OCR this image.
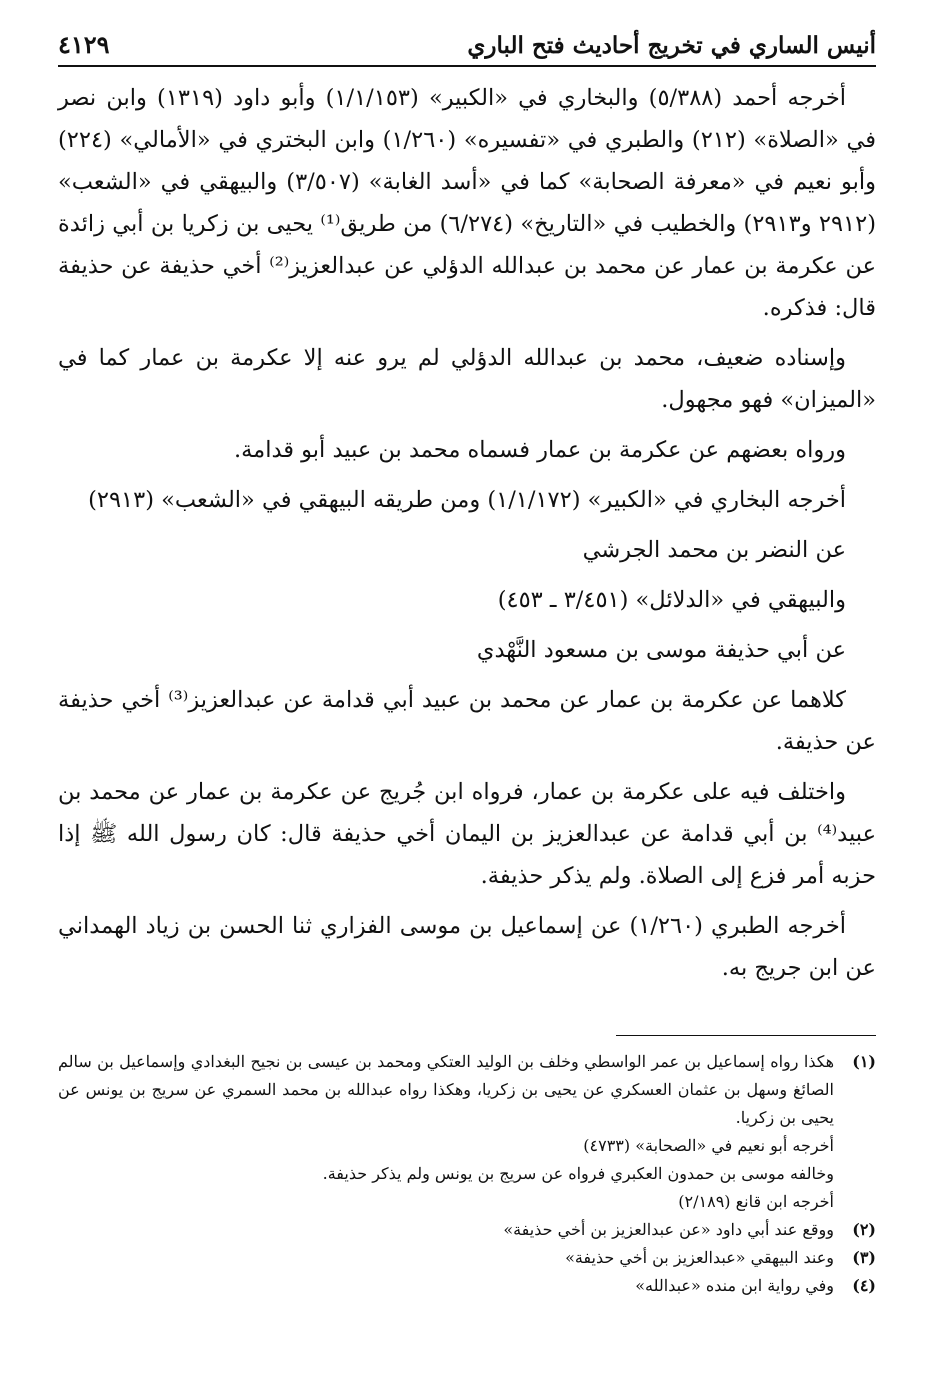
أنيس الساري في تخريج أحاديث فتح الباري
٤١٢٩

أخرجه أحمد (٥/٣٨٨) والبخاري في «الكبير» (١/١/١٥٣) وأبو داود (١٣١٩) وابن نصر في «الصلاة» (٢١٢) والطبري في «تفسيره» (١/٢٦٠) وابن البختري في «الأمالي» (٢٢٤) وأبو نعيم في «معرفة الصحابة» كما في «أسد الغابة» (٣/٥٠٧) والبيهقي في «الشعب» (٢٩١٢ و٢٩١٣) والخطيب في «التاريخ» (٦/٢٧٤) من طريق⁽¹⁾ يحيى بن زكريا بن أبي زائدة عن عكرمة بن عمار عن محمد بن عبدالله الدؤلي عن عبدالعزيز⁽²⁾ أخي حذيفة عن حذيفة قال: فذكره.

وإسناده ضعيف، محمد بن عبدالله الدؤلي لم يرو عنه إلا عكرمة بن عمار كما في «الميزان» فهو مجهول.

ورواه بعضهم عن عكرمة بن عمار فسماه محمد بن عبيد أبو قدامة.

أخرجه البخاري في «الكبير» (١/١/١٧٢) ومن طريقه البيهقي في «الشعب» (٢٩١٣)

عن النضر بن محمد الجرشي

والبيهقي في «الدلائل» (٣/٤٥١ ـ ٤٥٣)

عن أبي حذيفة موسى بن مسعود النَّهْدي

كلاهما عن عكرمة بن عمار عن محمد بن عبيد أبي قدامة عن عبدالعزيز⁽³⁾ أخي حذيفة عن حذيفة.

واختلف فيه على عكرمة بن عمار، فرواه ابن جُريج عن عكرمة بن عمار عن محمد بن عبيد⁽⁴⁾ بن أبي قدامة عن عبدالعزيز بن اليمان أخي حذيفة قال: كان رسول الله ﷺ إذا حزبه أمر فزع إلى الصلاة. ولم يذكر حذيفة.

أخرجه الطبري (١/٢٦٠) عن إسماعيل بن موسى الفزاري ثنا الحسن بن زياد الهمداني عن ابن جريج به.

(١)
هكذا رواه إسماعيل بن عمر الواسطي وخلف بن الوليد العتكي ومحمد بن عيسى بن نجيح البغدادي وإسماعيل بن سالم الصائغ وسهل بن عثمان العسكري عن يحيى بن زكريا، وهكذا رواه عبدالله بن محمد السمري عن سريج بن يونس عن يحيى بن زكريا.
أخرجه أبو نعيم في «الصحابة» (٤٧٣٣)
وخالفه موسى بن حمدون العكبري فرواه عن سريج بن يونس ولم يذكر حذيفة.
أخرجه ابن قانع (٢/١٨٩)
(٢)
ووقع عند أبي داود «عن عبدالعزيز بن أخي حذيفة»
(٣)
وعند البيهقي «عبدالعزيز بن أخي حذيفة»
(٤)
وفي رواية ابن منده «عبدالله»
